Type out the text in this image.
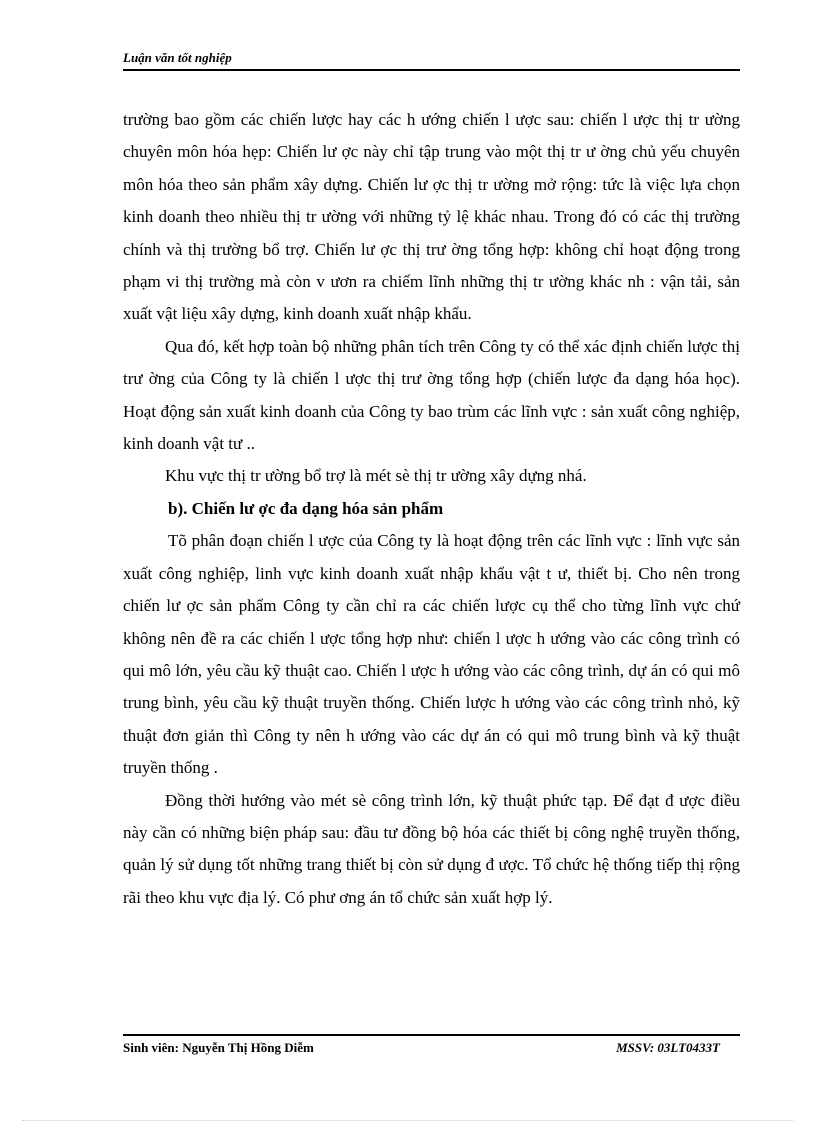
Luận văn tốt nghiệp

trường bao gồm các chiến lược hay các h ướng chiến l ược sau: chiến l ược thị tr ường chuyên môn hóa hẹp: Chiến lư ợc này chỉ tập trung vào một thị tr ư ờng chủ yếu chuyên môn hóa theo sản phẩm xây dựng. Chiến lư ợc thị tr ường mở rộng: tức là việc lựa chọn kinh doanh theo nhiều thị tr ường với những tỷ lệ khác nhau. Trong đó có các thị trường chính và thị trường bổ trợ. Chiến lư ợc thị trư ờng tổng hợp: không chỉ hoạt động trong phạm vi thị trường mà còn v ươn ra chiếm lĩnh những thị tr ường khác nh : vận tải, sản xuất vật liệu xây dựng, kinh doanh xuất nhập khẩu.

Qua đó, kết hợp toàn bộ những phân tích trên Công ty có thể xác định chiến lược thị trư ờng của Công ty là chiến l ược thị trư ờng tổng hợp (chiến lược đa dạng hóa học). Hoạt động sản xuất kinh doanh của Công ty bao trùm các lĩnh vực : sản xuất công nghiệp, kinh doanh vật tư ..

Khu vực thị tr ường bổ trợ là mét sè thị tr ường xây dựng nhá.

b). Chiến lư ợc đa dạng hóa sản phẩm

Tõ phân đoạn chiến l ược của Công ty là hoạt động trên các lĩnh vực : lĩnh vực sản xuất công nghiệp, linh vực kinh doanh xuất nhập khẩu vật t ư, thiết bị. Cho nên trong chiến lư ợc sản phẩm Công ty cần chỉ ra các chiến lược cụ thể cho từng lĩnh vực chứ không nên đề ra các chiến l ược tổng hợp như: chiến l ược h ướng vào các công trình có qui mô lớn, yêu cầu kỹ thuật cao. Chiến l ược h ướng vào các công trình, dự án có qui mô trung bình, yêu cầu kỹ thuật truyền thống. Chiến lược h ướng vào các công trình nhỏ, kỹ thuật đơn giản thì Công ty nên h ướng vào các dự án có qui mô trung bình và kỹ thuật truyền thống .

Đồng thời hướng vào mét sè công trình lớn, kỹ thuật phức tạp. Để đạt đ ược điều này cần có những biện pháp sau: đầu tư đồng bộ hóa các thiết bị công nghệ truyền thống, quản lý sử dụng tốt những trang thiết bị còn sử dụng đ ược. Tổ chức hệ thống tiếp thị rộng rãi theo khu vực địa lý. Có phư ơng án tổ chức sản xuất hợp lý.

Sinh viên: Nguyễn Thị Hồng Diễm	MSSV: 03LT0433T
